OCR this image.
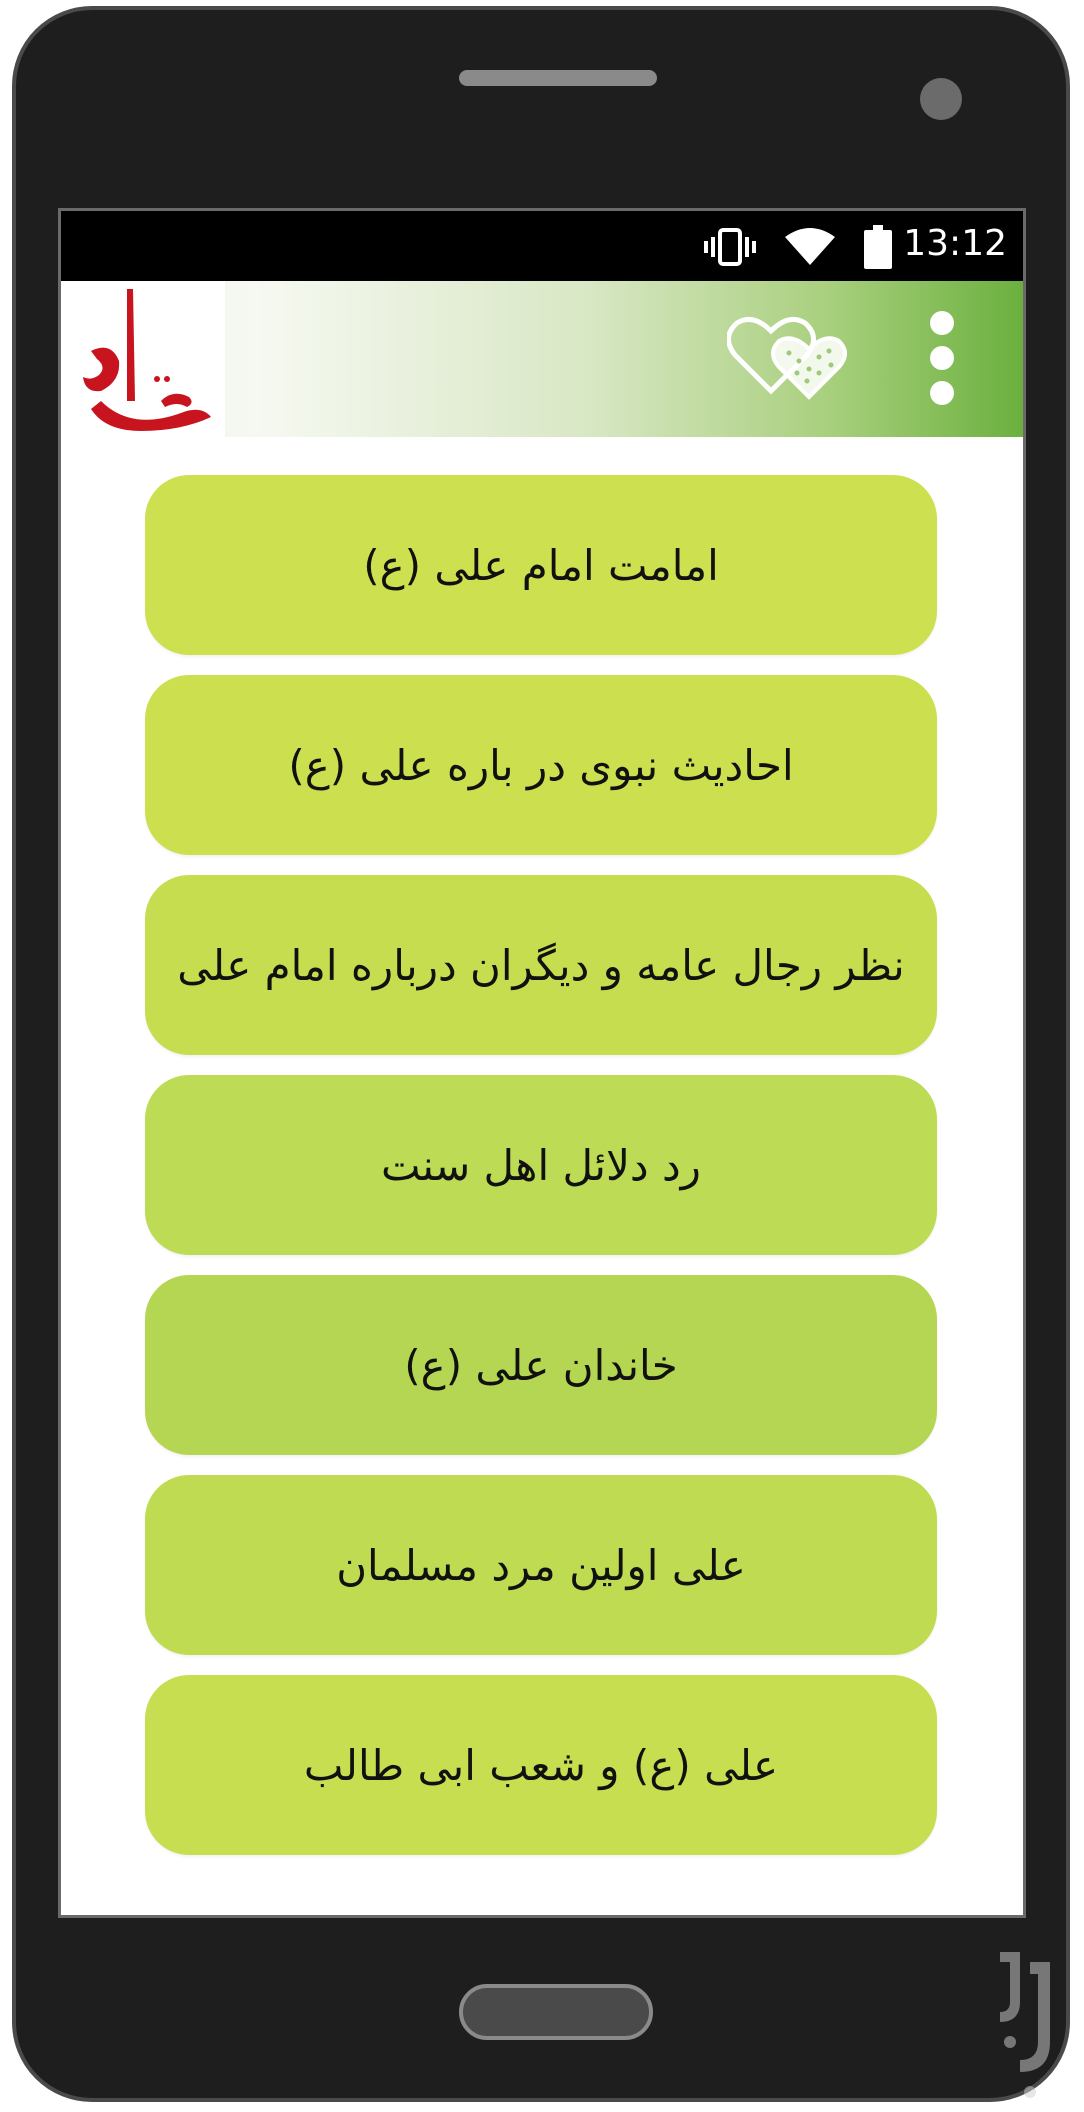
13:12
امامت امام علی (ع)
احادیث نبوی در باره علی (ع)
نظر رجال عامه و دیگران درباره امام علی
رد دلائل اهل سنت
خاندان علی (ع)
علی اولین مرد مسلمان
علی (ع) و شعب ابی طالب
